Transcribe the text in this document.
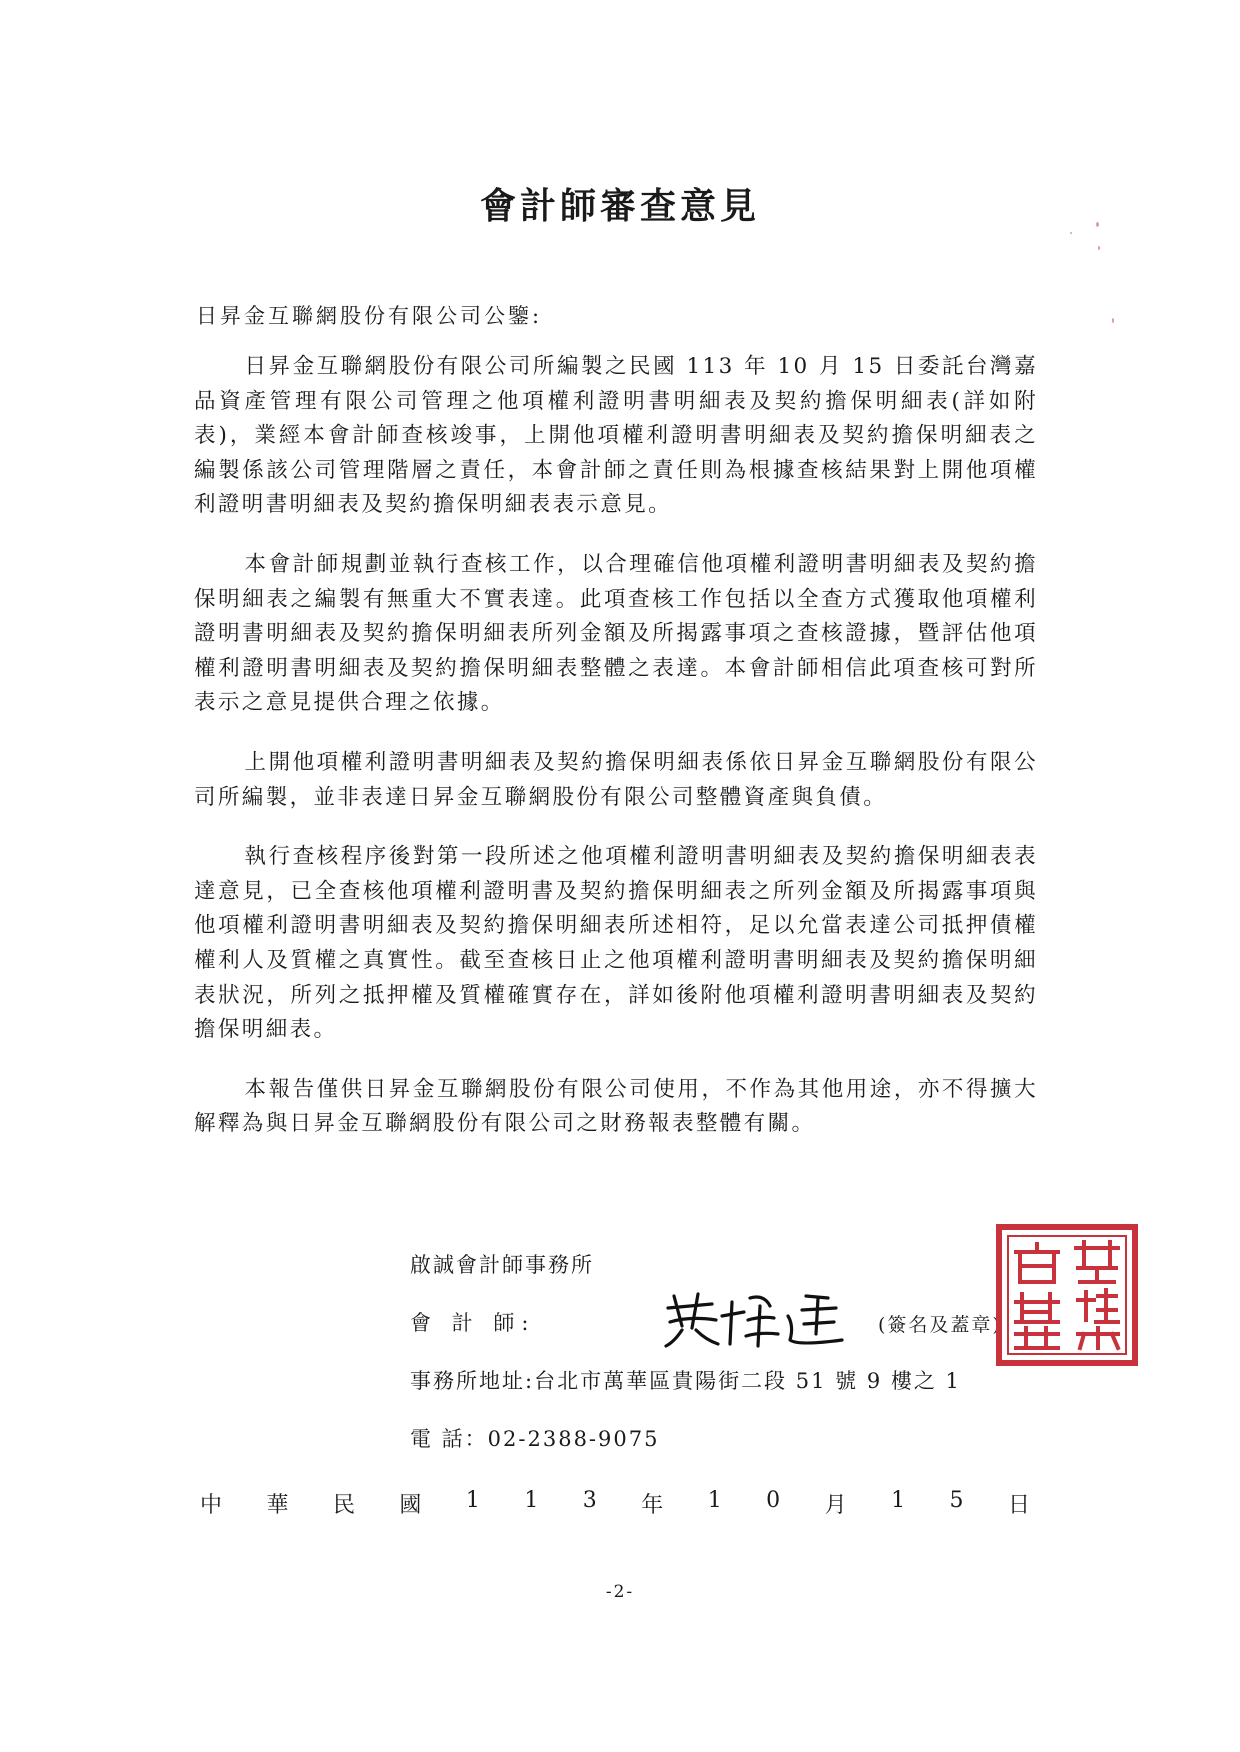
會計師審查意見

日昇金互聯網股份有限公司公鑒:

日昇金互聯網股份有限公司所編製之民國 113 年 10 月 15 日委託台灣嘉品資產管理有限公司管理之他項權利證明書明細表及契約擔保明細表(詳如附表)，業經本會計師查核竣事，上開他項權利證明書明細表及契約擔保明細表之編製係該公司管理階層之責任，本會計師之責任則為根據查核結果對上開他項權利證明書明細表及契約擔保明細表表示意見。

本會計師規劃並執行查核工作，以合理確信他項權利證明書明細表及契約擔保明細表之編製有無重大不實表達。此項查核工作包括以全查方式獲取他項權利證明書明細表及契約擔保明細表所列金額及所揭露事項之查核證據，暨評估他項權利證明書明細表及契約擔保明細表整體之表達。本會計師相信此項查核可對所表示之意見提供合理之依據。

上開他項權利證明書明細表及契約擔保明細表係依日昇金互聯網股份有限公司所編製，並非表達日昇金互聯網股份有限公司整體資產與負債。

執行查核程序後對第一段所述之他項權利證明書明細表及契約擔保明細表表達意見，已全查核他項權利證明書及契約擔保明細表之所列金額及所揭露事項與他項權利證明書明細表及契約擔保明細表所述相符，足以允當表達公司抵押債權權利人及質權之真實性。截至查核日止之他項權利證明書明細表及契約擔保明細表狀況，所列之抵押權及質權確實存在，詳如後附他項權利證明書明細表及契約擔保明細表。

本報告僅供日昇金互聯網股份有限公司使用，不作為其他用途，亦不得擴大解釋為與日昇金互聯網股份有限公司之財務報表整體有關。

啟誠會計師事務所
會 計 師:	(簽名及蓋章)
事務所地址:台北市萬華區貴陽街二段 51 號 9 樓之 1
電 話：02-2388-9075
中 華 民 國 1 1 3 年 1 0 月 1 5 日

-2-
